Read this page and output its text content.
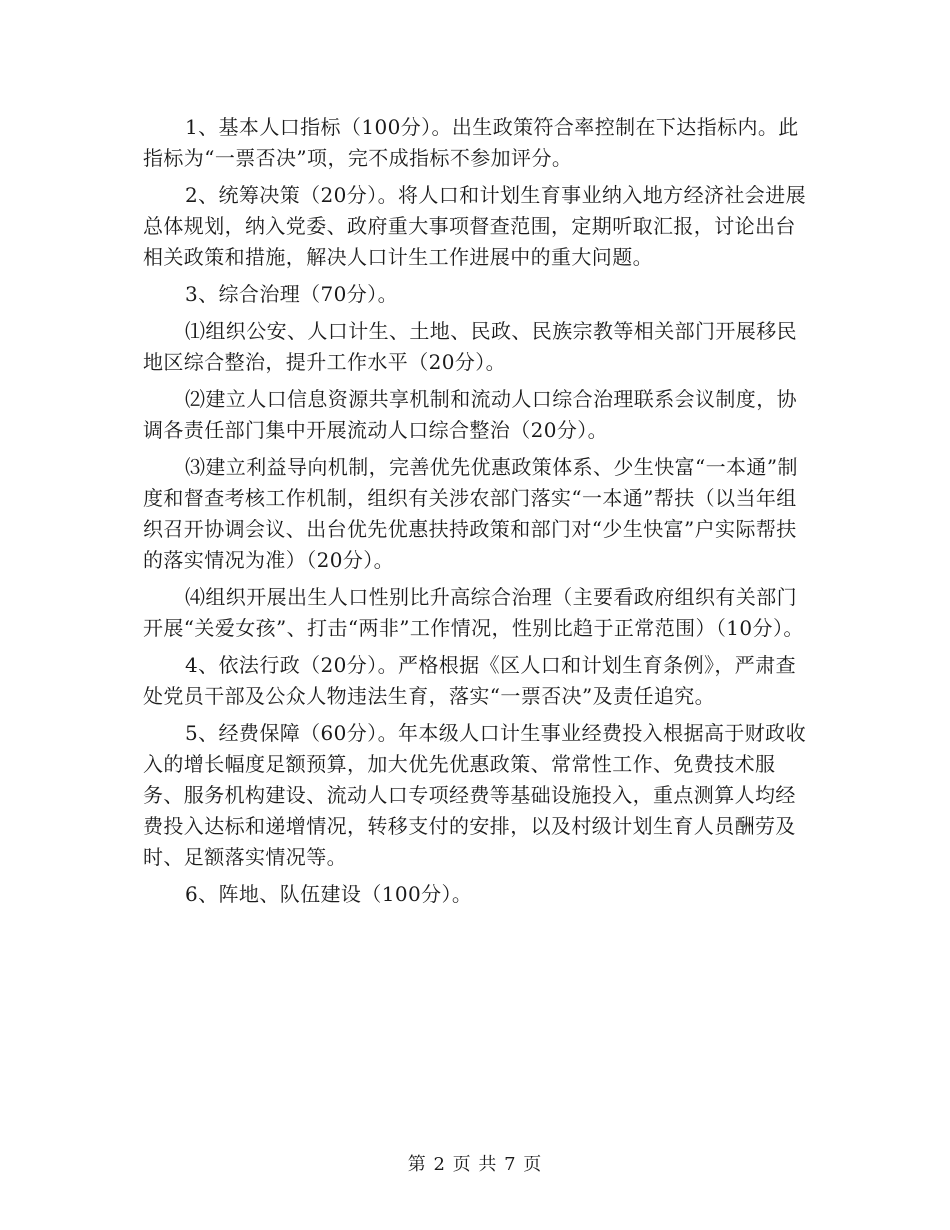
1、基本人口指标（100分）。出生政策符合率控制在下达指标内。此指标为“一票否决”项，完不成指标不参加评分。

2、统筹决策（20分）。将人口和计划生育事业纳入地方经济社会进展总体规划，纳入党委、政府重大事项督查范围，定期听取汇报，讨论出台相关政策和措施，解决人口计生工作进展中的重大问题。

3、综合治理（70分）。

⑴组织公安、人口计生、土地、民政、民族宗教等相关部门开展移民地区综合整治，提升工作水平（20分）。

⑵建立人口信息资源共享机制和流动人口综合治理联系会议制度，协调各责任部门集中开展流动人口综合整治（20分）。

⑶建立利益导向机制，完善优先优惠政策体系、少生快富“一本通”制度和督查考核工作机制，组织有关涉农部门落实“一本通”帮扶（以当年组织召开协调会议、出台优先优惠扶持政策和部门对“少生快富”户实际帮扶的落实情况为准）（20分）。

⑷组织开展出生人口性别比升高综合治理（主要看政府组织有关部门开展“关爱女孩”、打击“两非”工作情况，性别比趋于正常范围）（10分）。

4、依法行政（20分）。严格根据《区人口和计划生育条例》，严肃查处党员干部及公众人物违法生育，落实“一票否决”及责任追究。

5、经费保障（60分）。年本级人口计生事业经费投入根据高于财政收入的增长幅度足额预算，加大优先优惠政策、常常性工作、免费技术服务、服务机构建设、流动人口专项经费等基础设施投入，重点测算人均经费投入达标和递增情况，转移支付的安排，以及村级计划生育人员酬劳及时、足额落实情况等。

6、阵地、队伍建设（100分）。

第 2 页 共 7 页
